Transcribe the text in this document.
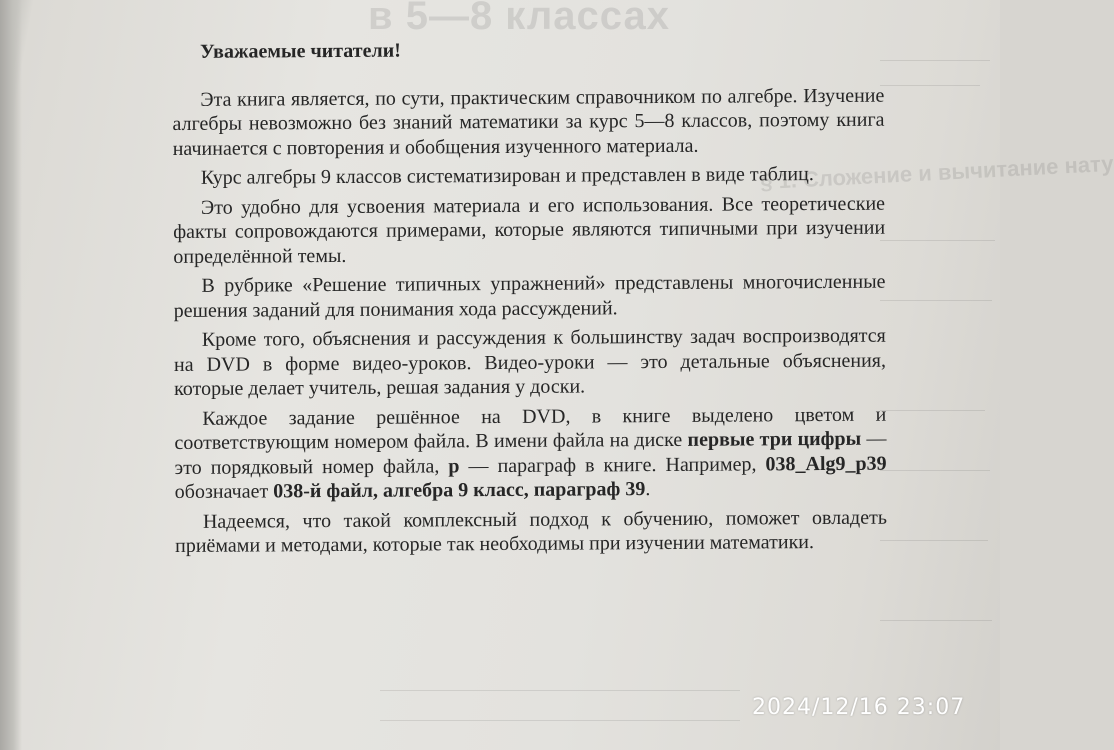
в 5—8 классах
§ 1. Сложение и вычитание нату

Уважаемые читатели!

Эта книга является, по сути, практическим справочником по алгебре. Изучение алгебры невозможно без знаний математики за курс 5—8 классов, поэтому книга начинается с повторения и обобщения изученного материала.

Курс алгебры 9 классов систематизирован и представлен в виде таблиц.

Это удобно для усвоения материала и его использования. Все теоретические факты сопровождаются примерами, которые являются типичными при изучении определённой темы.

В рубрике «Решение типичных упражнений» представлены многочисленные решения заданий для понимания хода рассуждений.

Кроме того, объяснения и рассуждения к большинству задач воспроизводятся на DVD в форме видео-уроков. Видео-уроки — это детальные объяснения, которые делает учитель, решая задания у доски.

Каждое задание решённое на DVD, в книге выделено цветом и соответствующим номером файла. В имени файла на диске первые три цифры — это порядковый номер файла, р — параграф в книге. Например, 038_Alg9_p39 обозначает 038-й файл, алгебра 9 класс, параграф 39.

Надеемся, что такой комплексный подход к обучению, поможет овладеть приёмами и методами, которые так необходимы при изучении математики.

2024/12/16 23:07
